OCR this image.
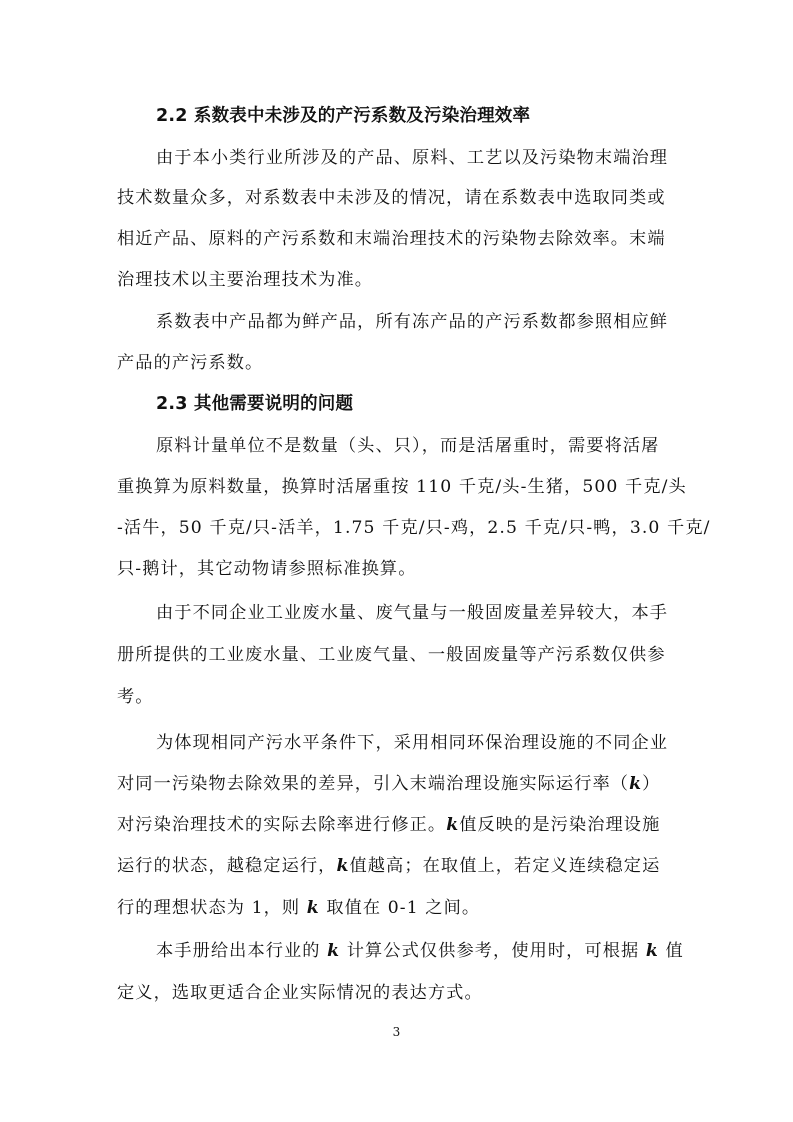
2.2 系数表中未涉及的产污系数及污染治理效率
由于本小类行业所涉及的产品、原料、工艺以及污染物末端治理
技术数量众多，对系数表中未涉及的情况，请在系数表中选取同类或
相近产品、原料的产污系数和末端治理技术的污染物去除效率。末端
治理技术以主要治理技术为准。
系数表中产品都为鲜产品，所有冻产品的产污系数都参照相应鲜
产品的产污系数。
2.3 其他需要说明的问题
原料计量单位不是数量（头、只），而是活屠重时，需要将活屠
重换算为原料数量，换算时活屠重按 110 千克/头-生猪，500 千克/头
-活牛，50 千克/只-活羊，1.75 千克/只-鸡，2.5 千克/只-鸭，3.0 千克/
只-鹅计，其它动物请参照标准换算。
由于不同企业工业废水量、废气量与一般固废量差异较大，本手
册所提供的工业废水量、工业废气量、一般固废量等产污系数仅供参
考。
为体现相同产污水平条件下，采用相同环保治理设施的不同企业
对同一污染物去除效果的差异，引入末端治理设施实际运行率（k）
对污染治理技术的实际去除率进行修正。k值反映的是污染治理设施
运行的状态，越稳定运行，k值越高；在取值上，若定义连续稳定运
行的理想状态为 1，则 k 取值在 0-1 之间。
本手册给出本行业的 k 计算公式仅供参考，使用时，可根据 k 值
定义，选取更适合企业实际情况的表达方式。
3
